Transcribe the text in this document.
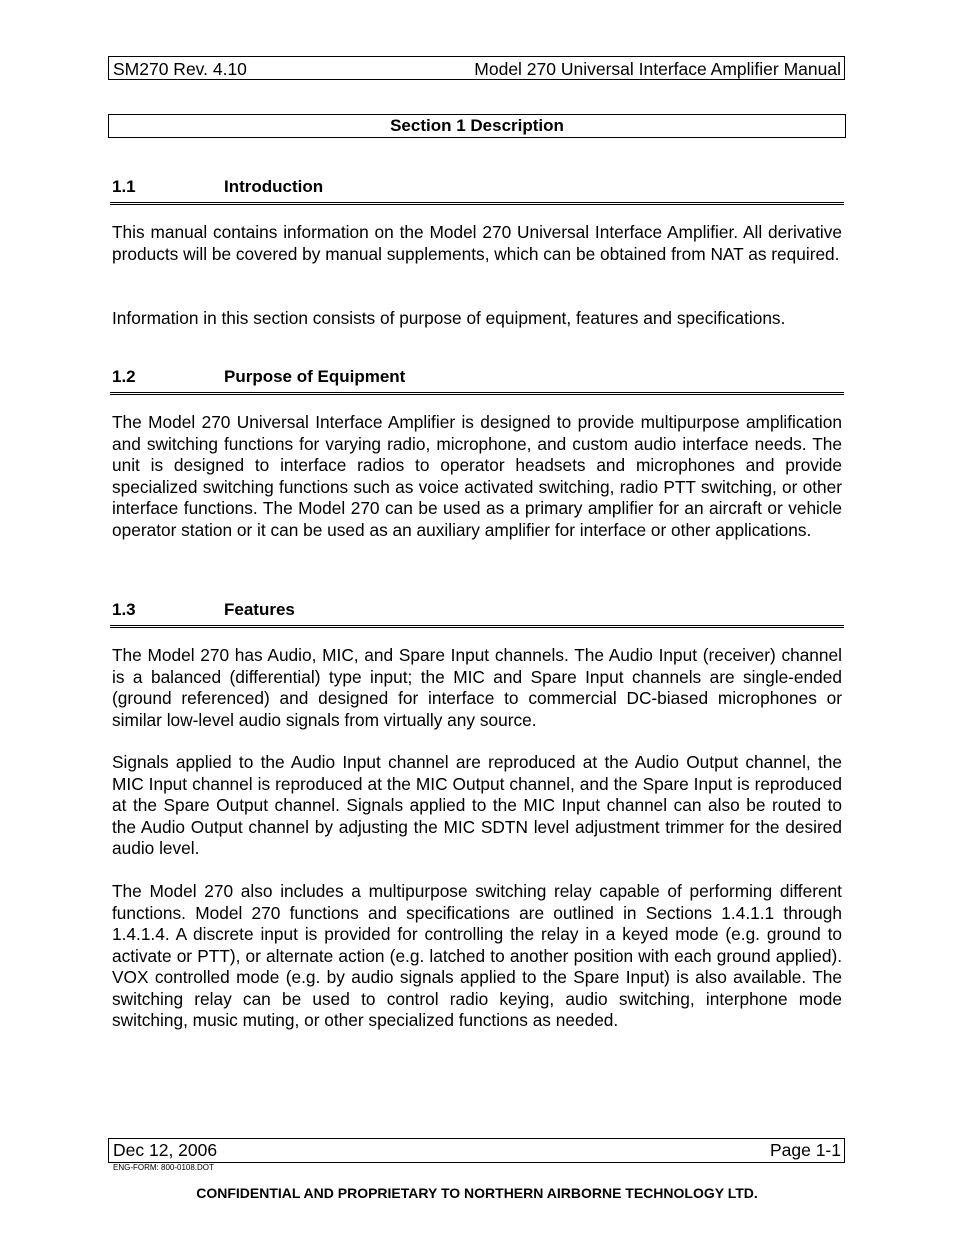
SM270 Rev. 4.10	Model 270 Universal Interface Amplifier Manual
Section 1 Description
1.1	Introduction

This manual contains information on the Model 270 Universal Interface Amplifier. All derivative products will be covered by manual supplements, which can be obtained from NAT as required.

Information in this section consists of purpose of equipment, features and specifications.

1.2	Purpose of Equipment

The Model 270 Universal Interface Amplifier is designed to provide multipurpose amplification and switching functions for varying radio, microphone, and custom audio interface needs. The unit is designed to interface radios to operator headsets and microphones and provide specialized switching functions such as voice activated switching, radio PTT switching, or other interface functions. The Model 270 can be used as a primary amplifier for an aircraft or vehicle operator station or it can be used as an auxiliary amplifier for interface or other applications.

1.3	Features

The Model 270 has Audio, MIC, and Spare Input channels. The Audio Input (receiver) channel is a balanced (differential) type input; the MIC and Spare Input channels are single-ended (ground referenced) and designed for interface to commercial DC-biased microphones or similar low-level audio signals from virtually any source.

Signals applied to the Audio Input channel are reproduced at the Audio Output channel, the MIC Input channel is reproduced at the MIC Output channel, and the Spare Input is reproduced at the Spare Output channel. Signals applied to the MIC Input channel can also be routed to the Audio Output channel by adjusting the MIC SDTN level adjustment trimmer for the desired audio level.

The Model 270 also includes a multipurpose switching relay capable of performing different functions. Model 270 functions and specifications are outlined in Sections 1.4.1.1 through 1.4.1.4. A discrete input is provided for controlling the relay in a keyed mode (e.g. ground to activate or PTT), or alternate action (e.g. latched to another position with each ground applied). VOX controlled mode (e.g. by audio signals applied to the Spare Input) is also available. The switching relay can be used to control radio keying, audio switching, interphone mode switching, music muting, or other specialized functions as needed.

Dec 12, 2006	Page 1-1
ENG-FORM: 800-0108.DOT
CONFIDENTIAL AND PROPRIETARY TO NORTHERN AIRBORNE TECHNOLOGY LTD.
